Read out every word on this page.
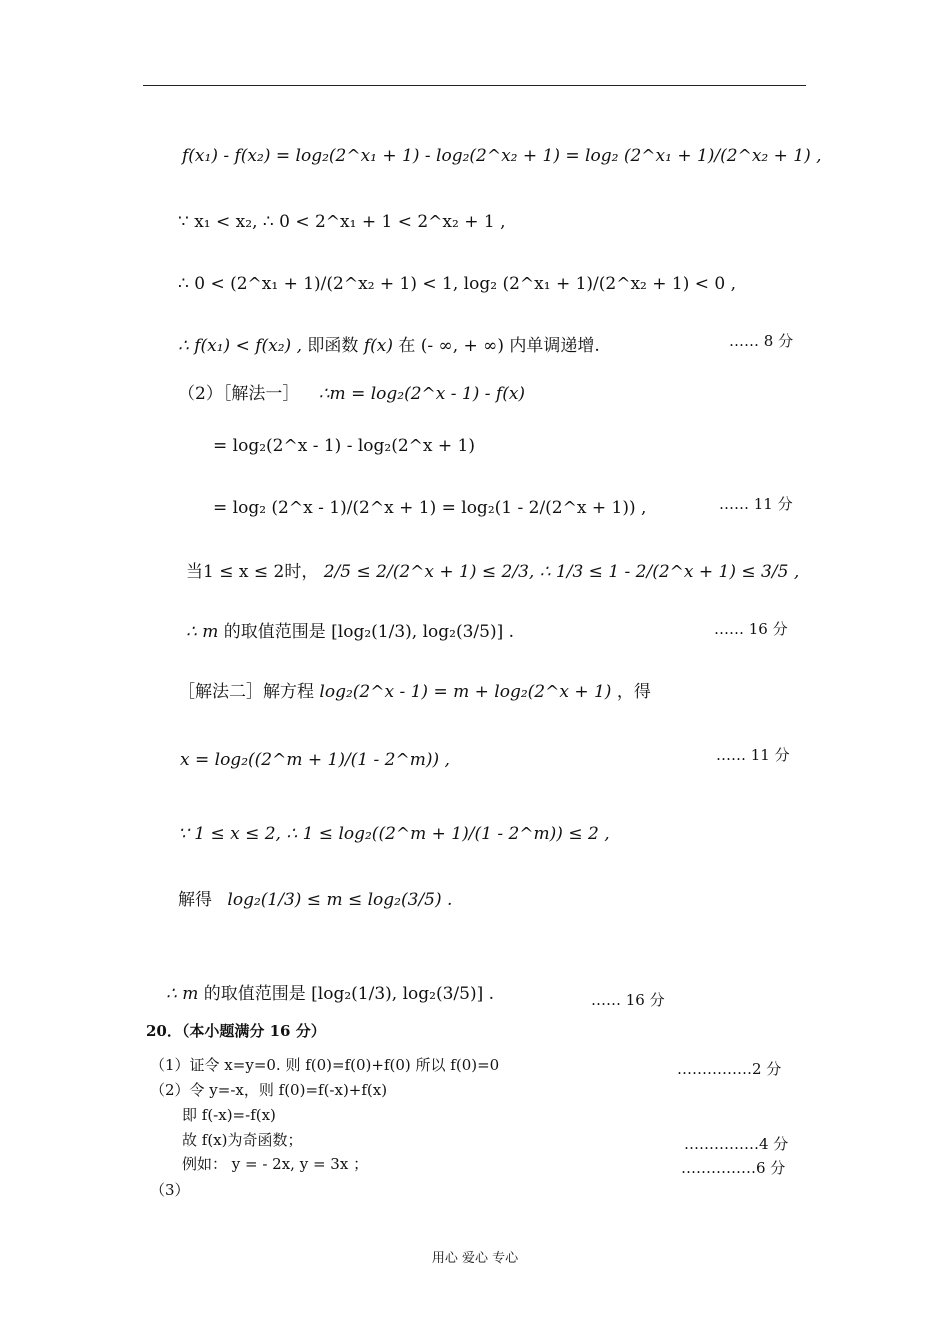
f(x₁) - f(x₂) = log₂(2^x₁ + 1) - log₂(2^x₂ + 1) = log₂ (2^x₁ + 1)/(2^x₂ + 1) ,
∵ x₁ < x₂, ∴ 0 < 2^x₁ + 1 < 2^x₂ + 1 ,
∴ 0 < (2^x₁ + 1)/(2^x₂ + 1) < 1, log₂ (2^x₁ + 1)/(2^x₂ + 1) < 0 ,
∴ f(x₁) < f(x₂) , 即函数 f(x) 在 (- ∞, + ∞) 内单调递增.	…… 8 分
（2）［解法一］ ∴m = log₂(2^x - 1) - f(x)
= log₂(2^x - 1) - log₂(2^x + 1)
= log₂ (2^x - 1)/(2^x + 1) = log₂(1 - 2/(2^x + 1)) ,	…… 11 分
当1 ≤ x ≤ 2时， 2/5 ≤ 2/(2^x + 1) ≤ 2/3, ∴ 1/3 ≤ 1 - 2/(2^x + 1) ≤ 3/5 ,
∴ m 的取值范围是 [log₂(1/3), log₂(3/5)] .	…… 16 分
［解法二］解方程 log₂(2^x - 1) = m + log₂(2^x + 1) ，得
x = log₂((2^m + 1)/(1 - 2^m)) ,	…… 11 分
∵ 1 ≤ x ≤ 2, ∴ 1 ≤ log₂((2^m + 1)/(1 - 2^m)) ≤ 2 ,
解得 log₂(1/3) ≤ m ≤ log₂(3/5) .
∴ m 的取值范围是 [log₂(1/3), log₂(3/5)] .	…… 16 分
20．（本小题满分 16 分）
（1）证令 x=y=0. 则 f(0)=f(0)+f(0) 所以 f(0)=0	……………2 分
（2）令 y=-x，则 f(0)=f(-x)+f(x)
即 f(-x)=-f(x)
故 f(x)为奇函数；	……………4 分
例如： y = - 2x, y = 3x ；	……………6 分
（3）
用心 爱心 专心
